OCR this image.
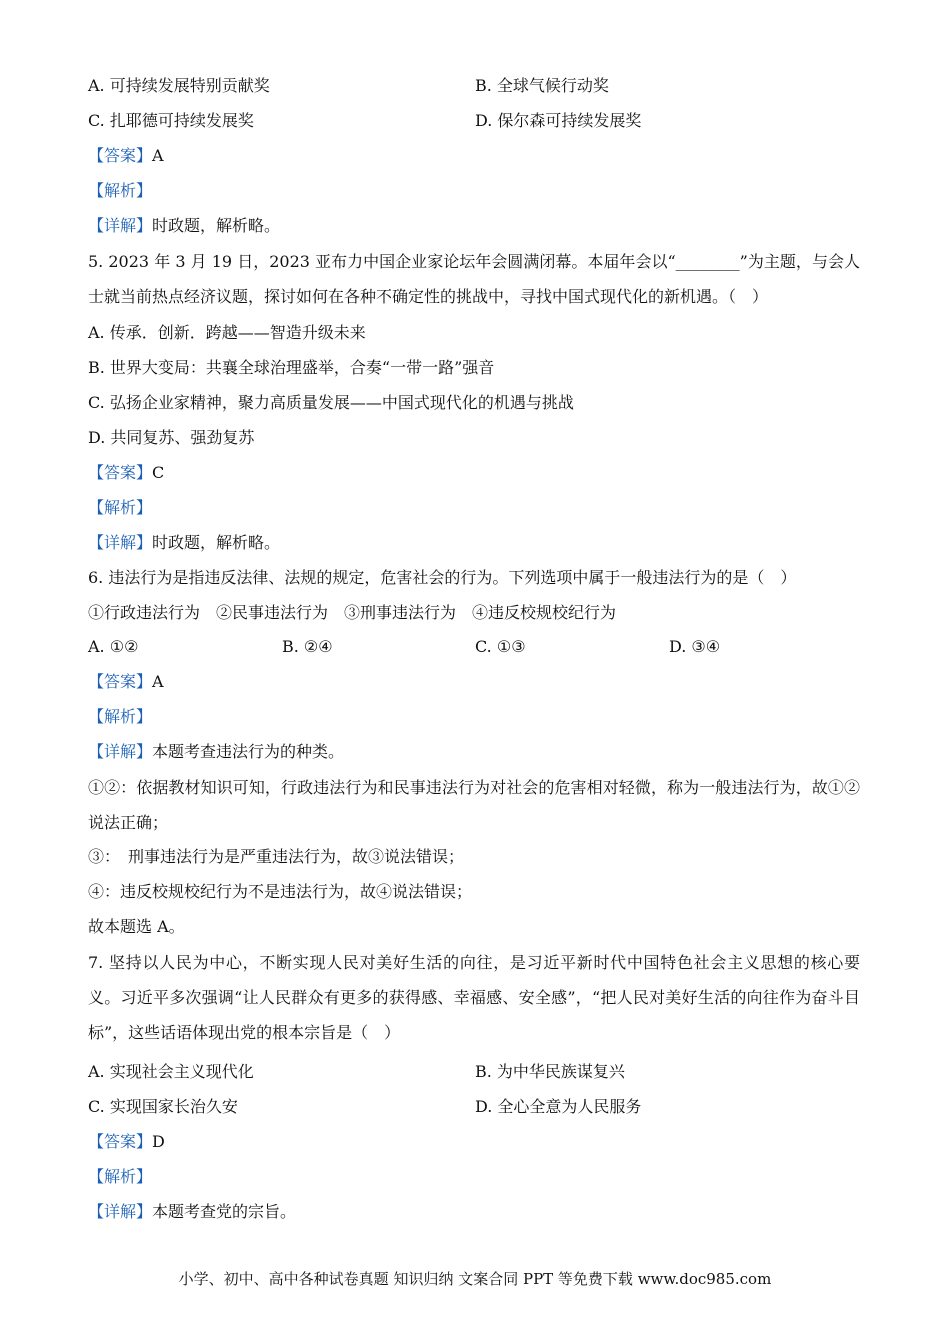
A. 可持续发展特别贡献奖	B. 全球气候行动奖
C. 扎耶德可持续发展奖	D. 保尔森可持续发展奖
【答案】A
【解析】
【详解】时政题，解析略。
5. 2023 年 3 月 19 日，2023 亚布力中国企业家论坛年会圆满闭幕。本届年会以“________”为主题，与会人士就当前热点经济议题，探讨如何在各种不确定性的挑战中，寻找中国式现代化的新机遇。（　）
A. 传承．创新．跨越——智造升级未来
B. 世界大变局：共襄全球治理盛举，合奏“一带一路”强音
C. 弘扬企业家精神，聚力高质量发展——中国式现代化的机遇与挑战
D. 共同复苏、强劲复苏
【答案】C
【解析】
【详解】时政题，解析略。
6. 违法行为是指违反法律、法规的规定，危害社会的行为。下列选项中属于一般违法行为的是（　）
①行政违法行为　②民事违法行为　③刑事违法行为　④违反校规校纪行为
A. ①②	B. ②④	C. ①③	D. ③④
【答案】A
【解析】
【详解】本题考查违法行为的种类。
①②：依据教材知识可知，行政违法行为和民事违法行为对社会的危害相对轻微，称为一般违法行为，故①②说法正确；
③：　刑事违法行为是严重违法行为，故③说法错误；
④：违反校规校纪行为不是违法行为，故④说法错误；
故本题选 A。
7. 坚持以人民为中心，不断实现人民对美好生活的向往，是习近平新时代中国特色社会主义思想的核心要义。习近平多次强调“让人民群众有更多的获得感、幸福感、安全感”，“把人民对美好生活的向往作为奋斗目标”，这些话语体现出党的根本宗旨是（　）
A. 实现社会主义现代化	B. 为中华民族谋复兴
C. 实现国家长治久安	D. 全心全意为人民服务
【答案】D
【解析】
【详解】本题考查党的宗旨。
小学、初中、高中各种试卷真题 知识归纳 文案合同 PPT 等免费下载 www.doc985.com
